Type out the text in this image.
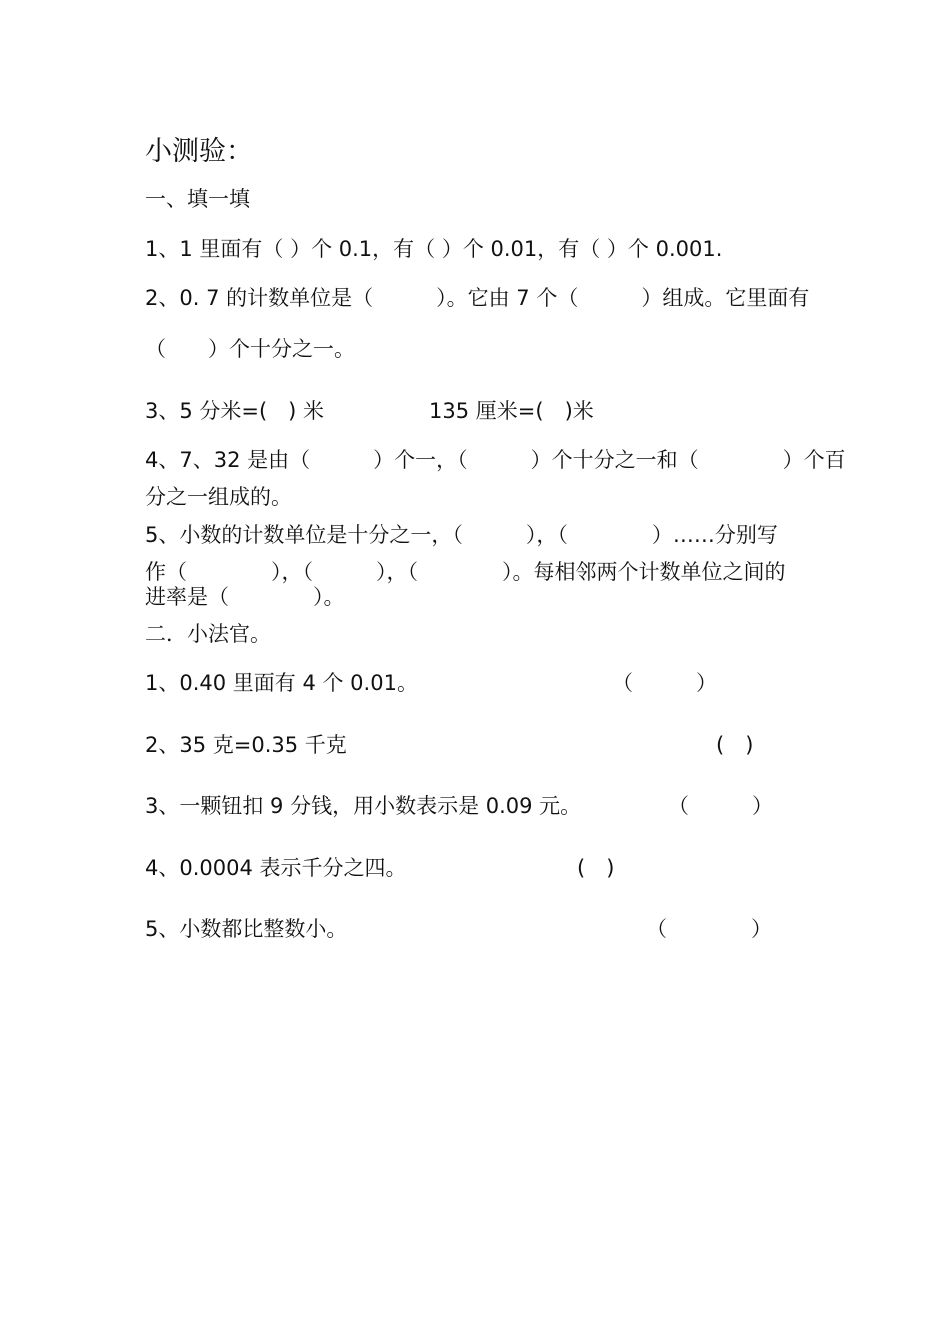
小测验：
一、填一填
1、1 里面有（ ）个 0.1，有（ ）个 0.01，有（ ）个 0.001.
2、0. 7 的计数单位是（　　　）。它由 7 个（　　　）组成。它里面有
（　　）个十分之一。
3、5 分米=(　) 米　　　　　135 厘米=(　)米
4、7、32 是由（　　　）个一，（　　　）个十分之一和（　　　　）个百
分之一组成的。
5、小数的计数单位是十分之一，（　　　），（　　　　）……分别写
作（　　　　），（　　　），（　　　　）。每相邻两个计数单位之间的
进率是（　　　　）。
二．小法官。
1、0.40 里面有 4 个 0.01。	（　　　）
2、35 克=0.35 千克	(　)
3、一颗钮扣 9 分钱，用小数表示是 0.09 元。	（　　　）
4、0.0004 表示千分之四。	(　)
5、小数都比整数小。	（　　　　）
